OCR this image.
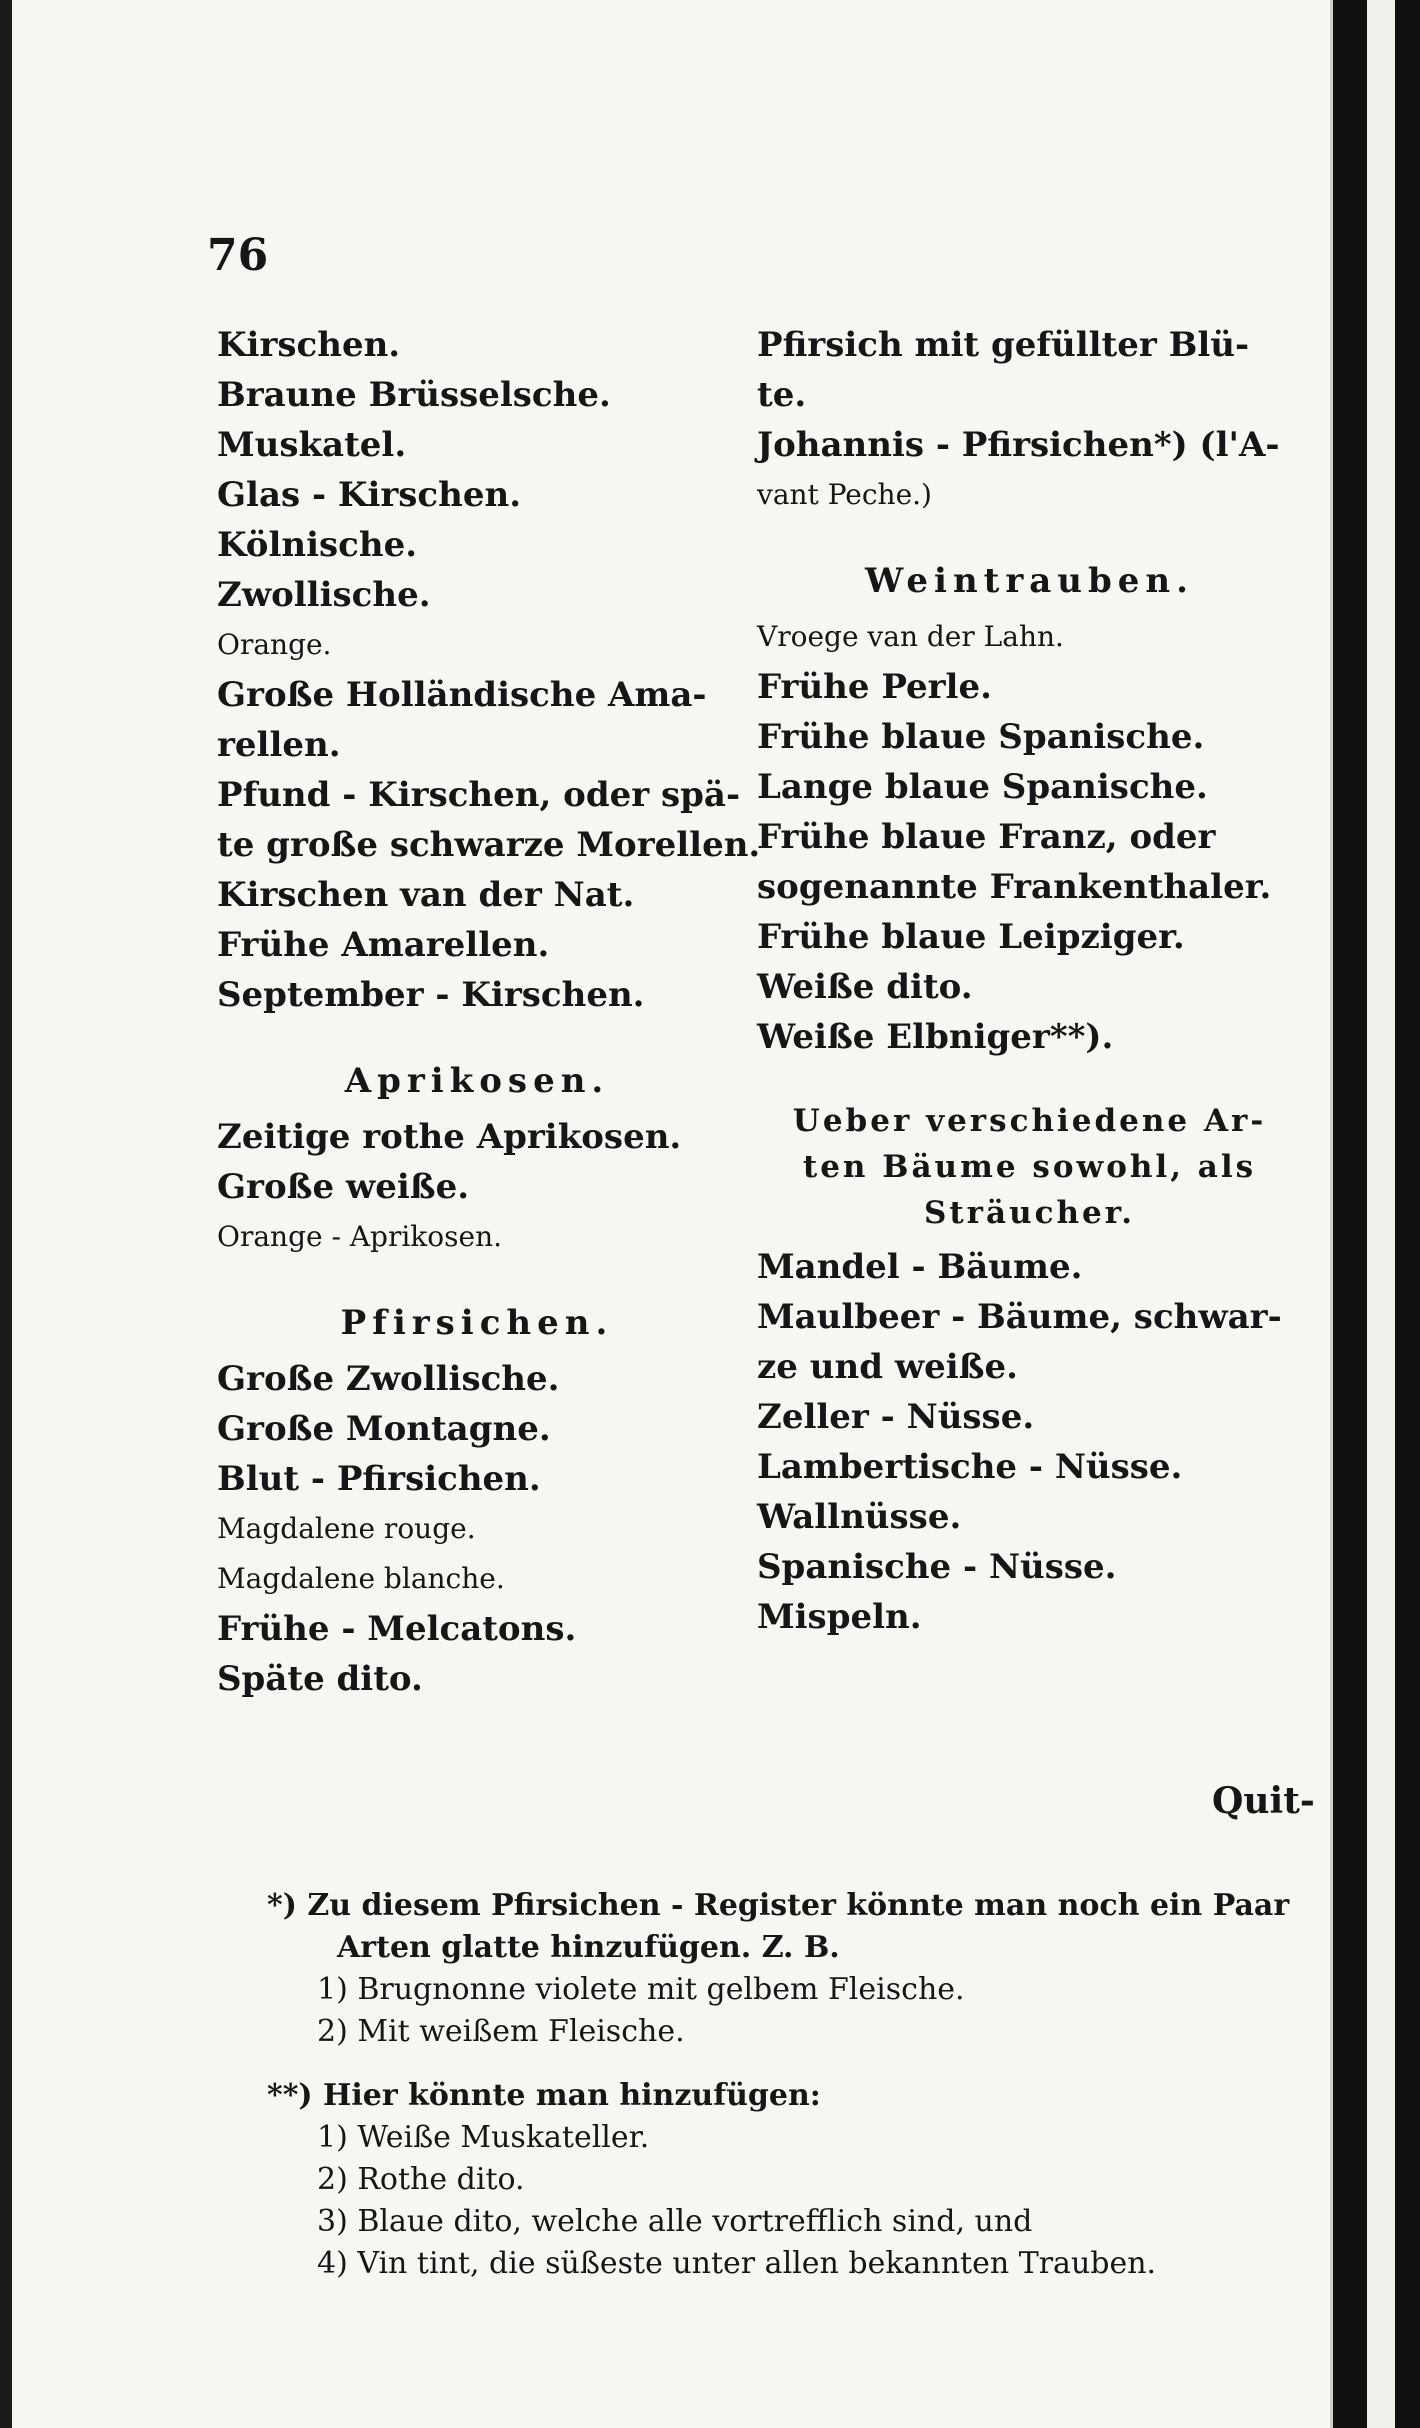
76
Kirschen.
Braune Brüsselsche.
Muskatel.
Glas - Kirschen.
Kölnische.
Zwollische.
Orange.
Große Holländische Ama-
rellen.
Pfund - Kirschen, oder spä-
te große schwarze Morellen.
Kirschen van der Nat.
Frühe Amarellen.
September - Kirschen.
Aprikosen.
Zeitige rothe Aprikosen.
Große weiße.
Orange - Aprikosen.
Pfirsichen.
Große Zwollische.
Große Montagne.
Blut - Pfirsichen.
Magdalene rouge.
Magdalene blanche.
Frühe - Melcatons.
Späte dito.
Pfirsich mit gefüllter Blü-
te.
Johannis - Pfirsichen*) (l'A-
vant Peche.)
Weintrauben.
Vroege van der Lahn.
Frühe Perle.
Frühe blaue Spanische.
Lange blaue Spanische.
Frühe blaue Franz, oder
sogenannte Frankenthaler.
Frühe blaue Leipziger.
Weiße dito.
Weiße Elbniger**).
Ueber verschiedene Ar-
ten Bäume sowohl, als
Sträucher.
Mandel - Bäume.
Maulbeer - Bäume, schwar-
ze und weiße.
Zeller - Nüsse.
Lambertische - Nüsse.
Wallnüsse.
Spanische - Nüsse.
Mispeln.
Quit-
*) Zu diesem Pfirsichen - Register könnte man noch ein Paar
Arten glatte hinzufügen. Z. B.
1) Brugnonne violete mit gelbem Fleische.
2) Mit weißem Fleische.
**) Hier könnte man hinzufügen:
1) Weiße Muskateller.
2) Rothe dito.
3) Blaue dito, welche alle vortrefflich sind, und
4) Vin tint, die süßeste unter allen bekannten Trauben.
